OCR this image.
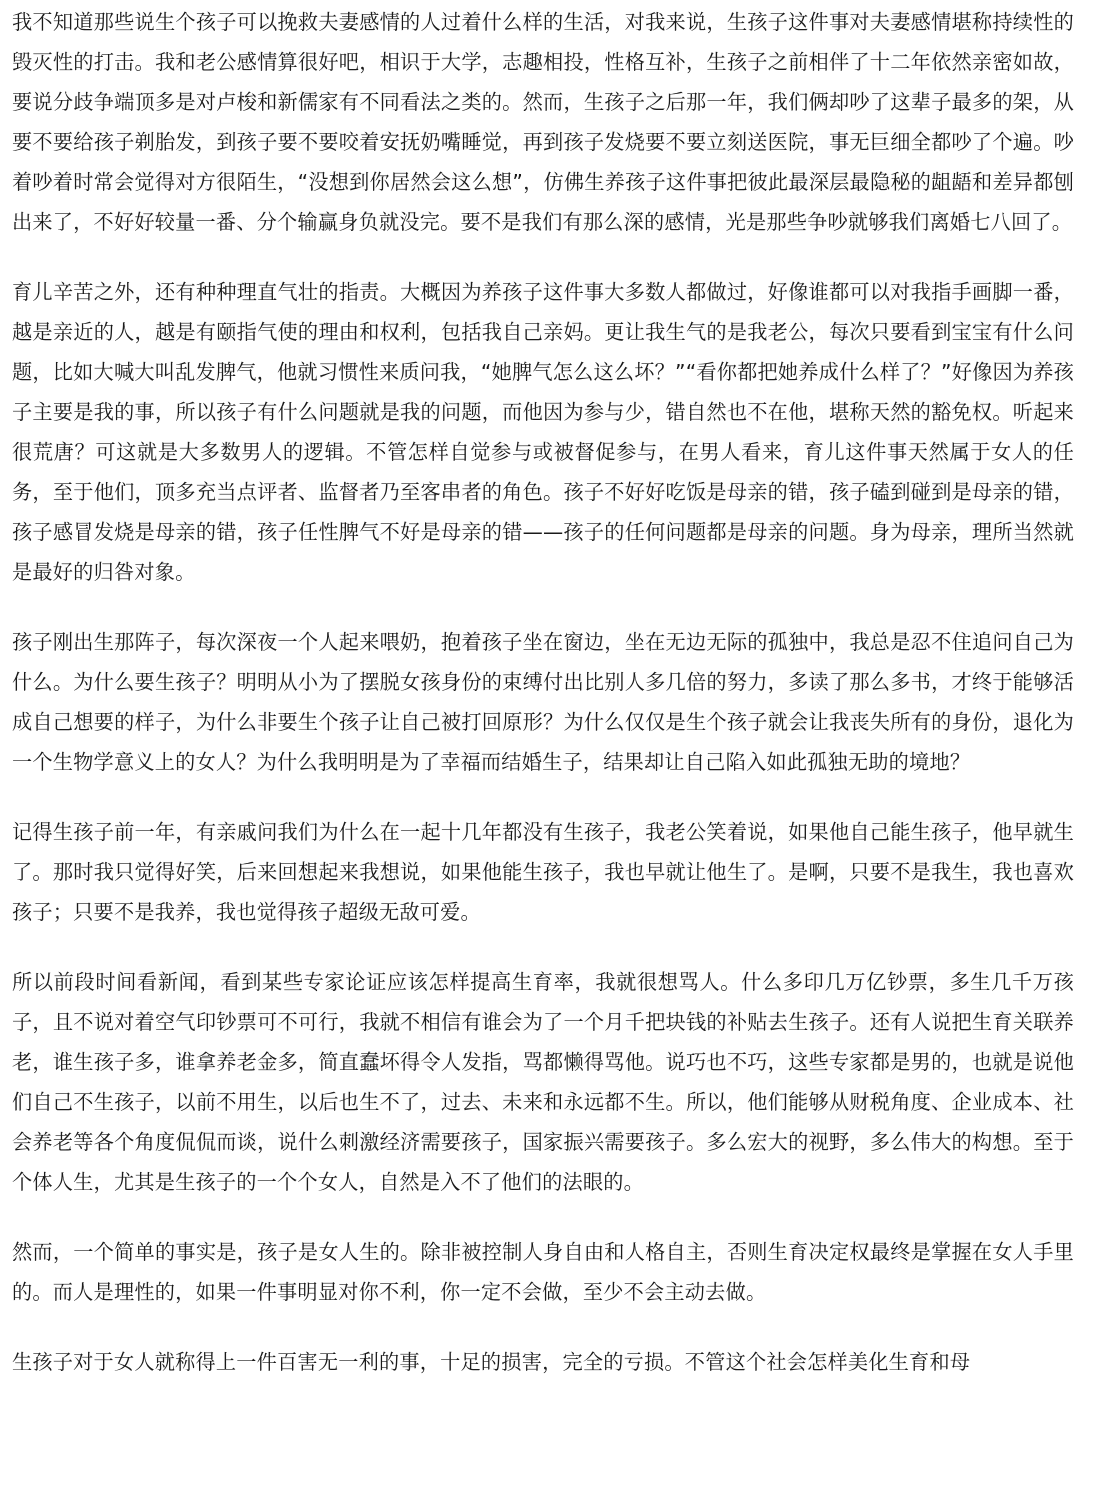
我不知道那些说生个孩子可以挽救夫妻感情的人过着什么样的生活，对我来说，生孩子这件事对夫妻感情堪称持续性的毁灭性的打击。我和老公感情算很好吧，相识于大学，志趣相投，性格互补，生孩子之前相伴了十二年依然亲密如故，要说分歧争端顶多是对卢梭和新儒家有不同看法之类的。然而，生孩子之后那一年，我们俩却吵了这辈子最多的架，从要不要给孩子剃胎发，到孩子要不要咬着安抚奶嘴睡觉，再到孩子发烧要不要立刻送医院，事无巨细全都吵了个遍。吵着吵着时常会觉得对方很陌生，“没想到你居然会这么想”，仿佛生养孩子这件事把彼此最深层最隐秘的龃龉和差异都刨出来了，不好好较量一番、分个输赢身负就没完。要不是我们有那么深的感情，光是那些争吵就够我们离婚七八回了。

育儿辛苦之外，还有种种理直气壮的指责。大概因为养孩子这件事大多数人都做过，好像谁都可以对我指手画脚一番，越是亲近的人，越是有颐指气使的理由和权利，包括我自己亲妈。更让我生气的是我老公，每次只要看到宝宝有什么问题，比如大喊大叫乱发脾气，他就习惯性来质问我，“她脾气怎么这么坏？”“看你都把她养成什么样了？”好像因为养孩子主要是我的事，所以孩子有什么问题就是我的问题，而他因为参与少，错自然也不在他，堪称天然的豁免权。听起来很荒唐？可这就是大多数男人的逻辑。不管怎样自觉参与或被督促参与，在男人看来，育儿这件事天然属于女人的任务，至于他们，顶多充当点评者、监督者乃至客串者的角色。孩子不好好吃饭是母亲的错，孩子磕到碰到是母亲的错，孩子感冒发烧是母亲的错，孩子任性脾气不好是母亲的错——孩子的任何问题都是母亲的问题。身为母亲，理所当然就是最好的归咎对象。

孩子刚出生那阵子，每次深夜一个人起来喂奶，抱着孩子坐在窗边，坐在无边无际的孤独中，我总是忍不住追问自己为什么。为什么要生孩子？明明从小为了摆脱女孩身份的束缚付出比别人多几倍的努力，多读了那么多书，才终于能够活成自己想要的样子，为什么非要生个孩子让自己被打回原形？为什么仅仅是生个孩子就会让我丧失所有的身份，退化为一个生物学意义上的女人？为什么我明明是为了幸福而结婚生子，结果却让自己陷入如此孤独无助的境地？

记得生孩子前一年，有亲戚问我们为什么在一起十几年都没有生孩子，我老公笑着说，如果他自己能生孩子，他早就生了。那时我只觉得好笑，后来回想起来我想说，如果他能生孩子，我也早就让他生了。是啊，只要不是我生，我也喜欢孩子；只要不是我养，我也觉得孩子超级无敌可爱。

所以前段时间看新闻，看到某些专家论证应该怎样提高生育率，我就很想骂人。什么多印几万亿钞票，多生几千万孩子，且不说对着空气印钞票可不可行，我就不相信有谁会为了一个月千把块钱的补贴去生孩子。还有人说把生育关联养老，谁生孩子多，谁拿养老金多，简直蠢坏得令人发指，骂都懒得骂他。说巧也不巧，这些专家都是男的，也就是说他们自己不生孩子，以前不用生，以后也生不了，过去、未来和永远都不生。所以，他们能够从财税角度、企业成本、社会养老等各个角度侃侃而谈，说什么刺激经济需要孩子，国家振兴需要孩子。多么宏大的视野，多么伟大的构想。至于个体人生，尤其是生孩子的一个个女人，自然是入不了他们的法眼的。

然而，一个简单的事实是，孩子是女人生的。除非被控制人身自由和人格自主，否则生育决定权最终是掌握在女人手里的。而人是理性的，如果一件事明显对你不利，你一定不会做，至少不会主动去做。

生孩子对于女人就称得上一件百害无一利的事，十足的损害，完全的亏损。不管这个社会怎样美化生育和母
